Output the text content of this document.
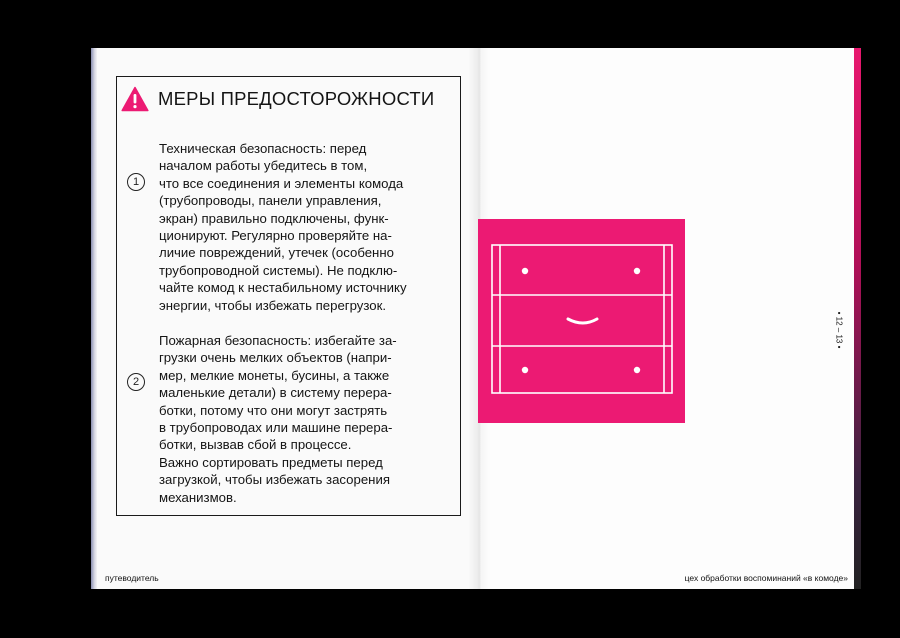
МЕРЫ ПРЕДОСТОРОЖНОСТИ
1
Техническая безопасность: перед
началом работы убедитесь в том,
что все соединения и элементы комода
(трубопроводы, панели управления,
экран) правильно подключены, функ-
ционируют. Регулярно проверяйте на-
личие повреждений, утечек (особенно
трубопроводной системы). Не подклю-
чайте комод к нестабильному источнику
энергии, чтобы избежать перегрузок.
2
Пожарная безопасность: избегайте за-
грузки очень мелких объектов (напри-
мер, мелкие монеты, бусины, а также
маленькие детали) в систему перера-
ботки, потому что они могут застрять
в трубопроводах или машине перера-
ботки, вызвав сбой в процессе.
Важно сортировать предметы перед
загрузкой, чтобы избежать засорения
механизмов.
• 12 – 13 •
путеводитель	цех обработки воспоминаний «в комоде»
